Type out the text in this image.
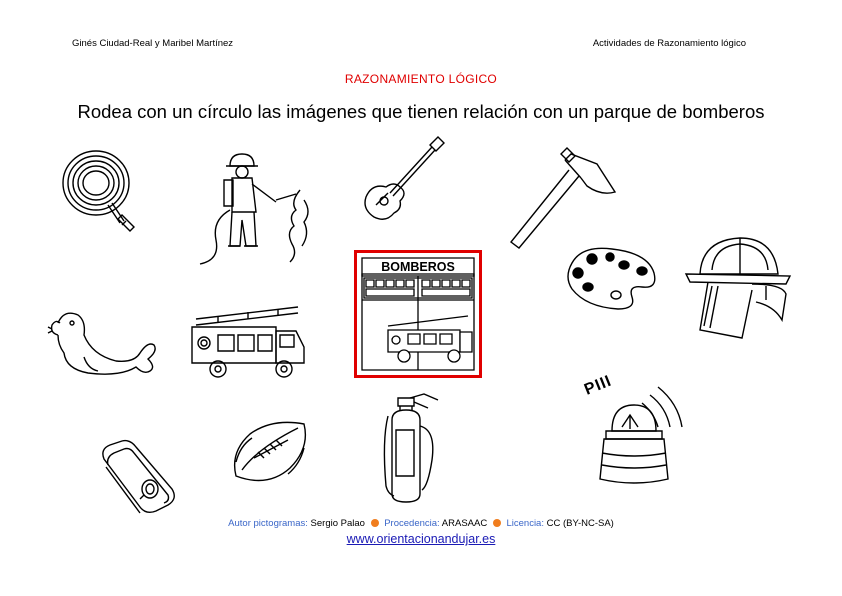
Ginés Ciudad-Real y Maribel Martínez	Actividades de Razonamiento lógico
RAZONAMIENTO LÓGICO
Rodea con un círculo las imágenes que tienen relación con un parque de bomberos
BOMBEROS
PIII
Autor pictogramas: Sergio Palao Procedencia: ARASAAC Licencia: CC (BY-NC-SA)
www.orientacionandujar.es
